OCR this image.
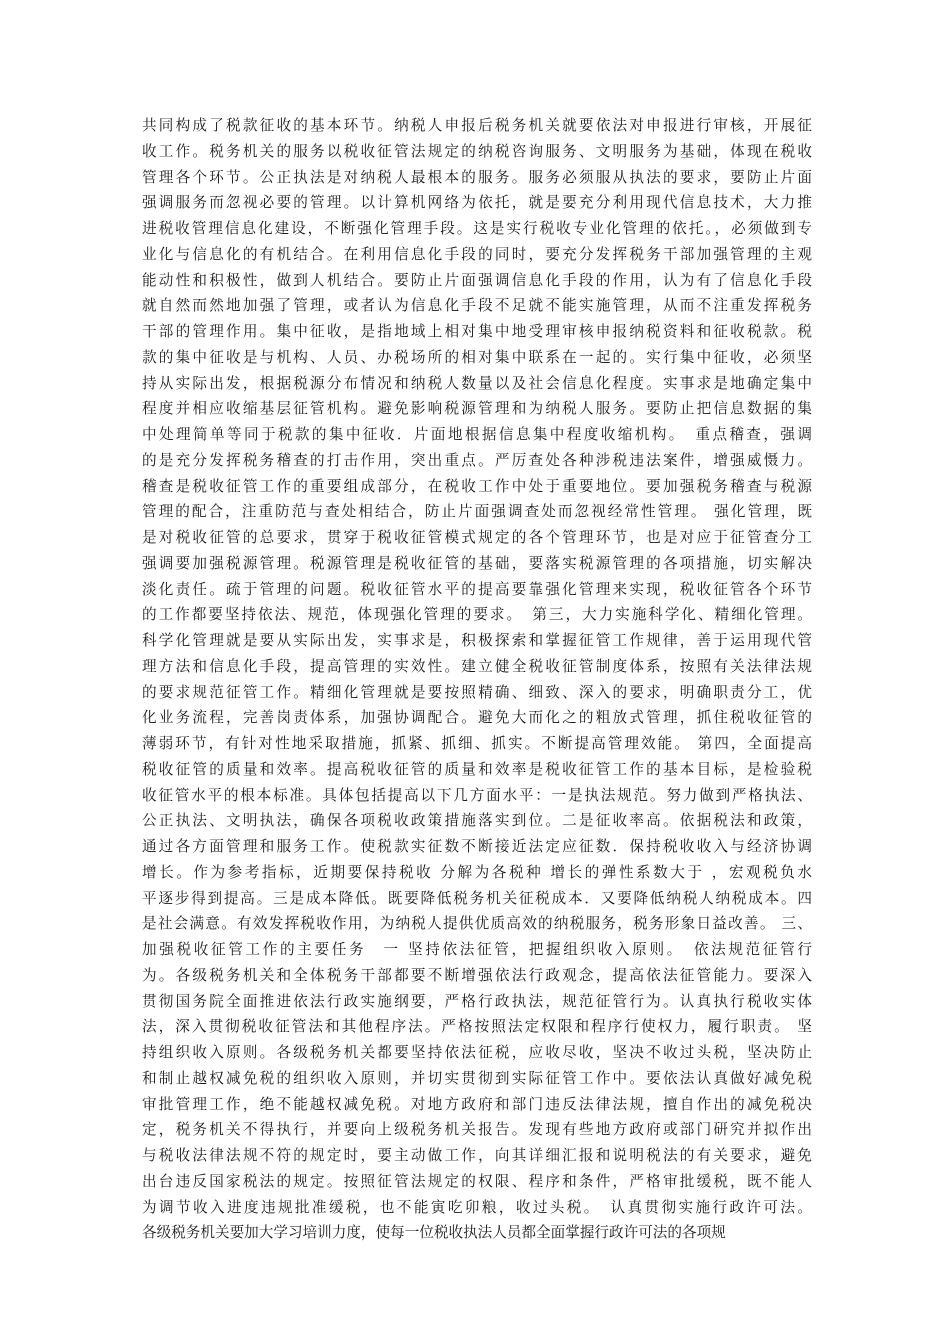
共同构成了税款征收的基本环节。纳税人申报后税务机关就要依法对申报进行审核，开展征
收工作。税务机关的服务以税收征管法规定的纳税咨询服务、文明服务为基础，体现在税收
管理各个环节。公正执法是对纳税人最根本的服务。服务必须服从执法的要求，要防止片面
强调服务而忽视必要的管理。以计算机网络为依托，就是要充分利用现代信息技术，大力推
进税收管理信息化建设，不断强化管理手段。这是实行税收专业化管理的依托。，必须做到专
业化与信息化的有机结合。在利用信息化手段的同时，要充分发挥税务干部加强管理的主观
能动性和积极性，做到人机结合。要防止片面强调信息化手段的作用，认为有了信息化手段
就自然而然地加强了管理，或者认为信息化手段不足就不能实施管理，从而不注重发挥税务
干部的管理作用。集中征收，是指地域上相对集中地受理审核申报纳税资料和征收税款。税
款的集中征收是与机构、人员、办税场所的相对集中联系在一起的。实行集中征收，必须坚
持从实际出发，根据税源分布情况和纳税人数量以及社会信息化程度。实事求是地确定集中
程度并相应收缩基层征管机构。避免影响税源管理和为纳税人服务。要防止把信息数据的集
中处理简单等同于税款的集中征收．片面地根据信息集中程度收缩机构。　重点稽查，强调
的是充分发挥税务稽查的打击作用，突出重点。严厉查处各种涉税违法案件，增强威慑力。
稽查是税收征管工作的重要组成部分，在税收工作中处于重要地位。要加强税务稽查与税源
管理的配合，注重防范与查处相结合，防止片面强调查处而忽视经常性管理。 强化管理，既
是对税收征管的总要求，贯穿于税收征管模式规定的各个管理环节，也是对应于征管查分工
强调要加强税源管理。税源管理是税收征管的基础，要落实税源管理的各项措施，切实解决
淡化责任。疏于管理的问题。税收征管水平的提高要靠强化管理来实现，税收征管各个环节
的工作都要坚持依法、规范，体现强化管理的要求。　第三，大力实施科学化、精细化管理。
科学化管理就是要从实际出发，实事求是，积极探索和掌握征管工作规律，善于运用现代管
理方法和信息化手段，提高管理的实效性。建立健全税收征管制度体系，按照有关法律法规
的要求规范征管工作。精细化管理就是要按照精确、细致、深入的要求，明确职责分工，优
化业务流程，完善岗责体系，加强协调配合。避免大而化之的粗放式管理，抓住税收征管的
薄弱环节，有针对性地采取措施，抓紧、抓细、抓实。不断提高管理效能。 第四，全面提高
税收征管的质量和效率。提高税收征管的质量和效率是税收征管工作的基本目标，是检验税
收征管水平的根本标准。具体包括提高以下几方面水平：一是执法规范。努力做到严格执法、
公正执法、文明执法，确保各项税收政策措施落实到位。二是征收率高。依据税法和政策，
通过各方面管理和服务工作。使税款实征数不断接近法定应征数．保持税收收入与经济协调
增长。作为参考指标，近期要保持税收 分解为各税种 增长的弹性系数大于 ，宏观税负水
平逐步得到提高。三是成本降低。既要降低税务机关征税成本．又要降低纳税人纳税成本。四
是社会满意。有效发挥税收作用，为纳税人提供优质高效的纳税服务，税务形象日益改善。 三、
加强税收征管工作的主要任务　一 坚持依法征管，把握组织收入原则。　依法规范征管行
为。各级税务机关和全体税务干部都要不断增强依法行政观念，提高依法征管能力。要深入
贯彻国务院全面推进依法行政实施纲要，严格行政执法，规范征管行为。认真执行税收实体
法，深入贯彻税收征管法和其他程序法。严格按照法定权限和程序行使权力，履行职责。 坚
持组织收入原则。各级税务机关都要坚持依法征税，应收尽收，坚决不收过头税，坚决防止
和制止越权减免税的组织收入原则，并切实贯彻到实际征管工作中。要依法认真做好减免税
审批管理工作，绝不能越权减免税。对地方政府和部门违反法律法规，擅自作出的减免税决
定，税务机关不得执行，并要向上级税务机关报告。发现有些地方政府或部门研究并拟作出
与税收法律法规不符的规定时，要主动做工作，向其详细汇报和说明税法的有关要求，避免
出台违反国家税法的规定。按照征管法规定的权限、程序和条件，严格审批缓税，既不能人
为调节收入进度违规批准缓税，也不能寅吃卯粮，收过头税。　认真贯彻实施行政许可法。
各级税务机关要加大学习培训力度，使每一位税收执法人员都全面掌握行政许可法的各项规
